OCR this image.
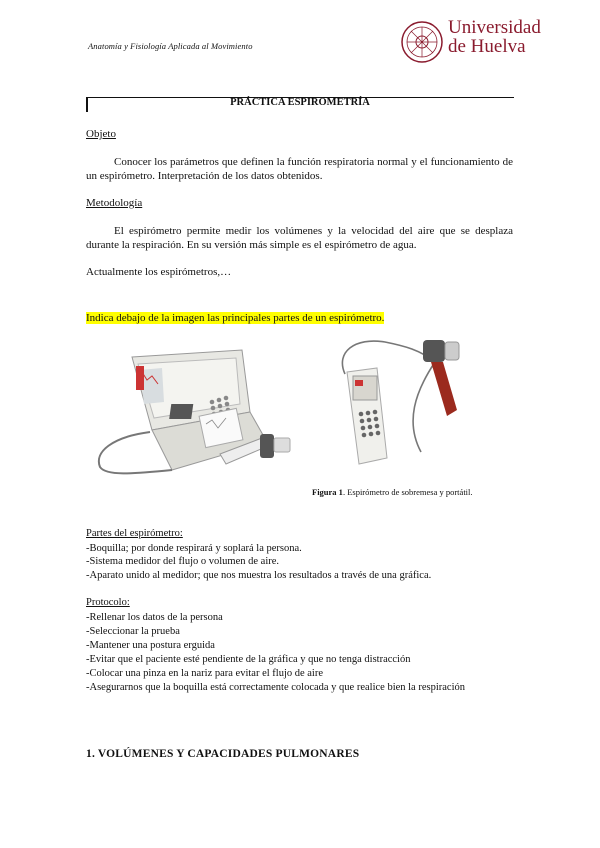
Anatomía y Fisiología Aplicada al Movimiento
Universidad
de Huelva
PRÁCTICA ESPIROMETRÍA
Objeto
Conocer los parámetros que definen la función respiratoria normal y el funcionamiento de un espirómetro. Interpretación de los datos obtenidos.
Metodología
El espirómetro permite medir los volúmenes y la velocidad del aire que se desplaza durante la respiración. En su versión más simple es el espirómetro de agua.
Actualmente los espirómetros,…
Indica debajo de la imagen las principales partes de un espirómetro.
Figura 1. Espirómetro de sobremesa y portátil.
Partes del espirómetro:
-Boquilla; por donde respirará y soplará la persona.
-Sistema medidor del flujo o volumen de aire.
-Aparato unido al medidor; que nos muestra los resultados a través de una gráfica.
Protocolo:
-Rellenar los datos de la persona
-Seleccionar la prueba
-Mantener una postura erguida
-Evitar que el paciente esté pendiente de la gráfica y que no tenga distracción
-Colocar una pinza en la nariz para evitar el flujo de aire
-Asegurarnos que la boquilla está correctamente colocada y que realice bien la respiración
1. VOLÚMENES Y CAPACIDADES PULMONARES
